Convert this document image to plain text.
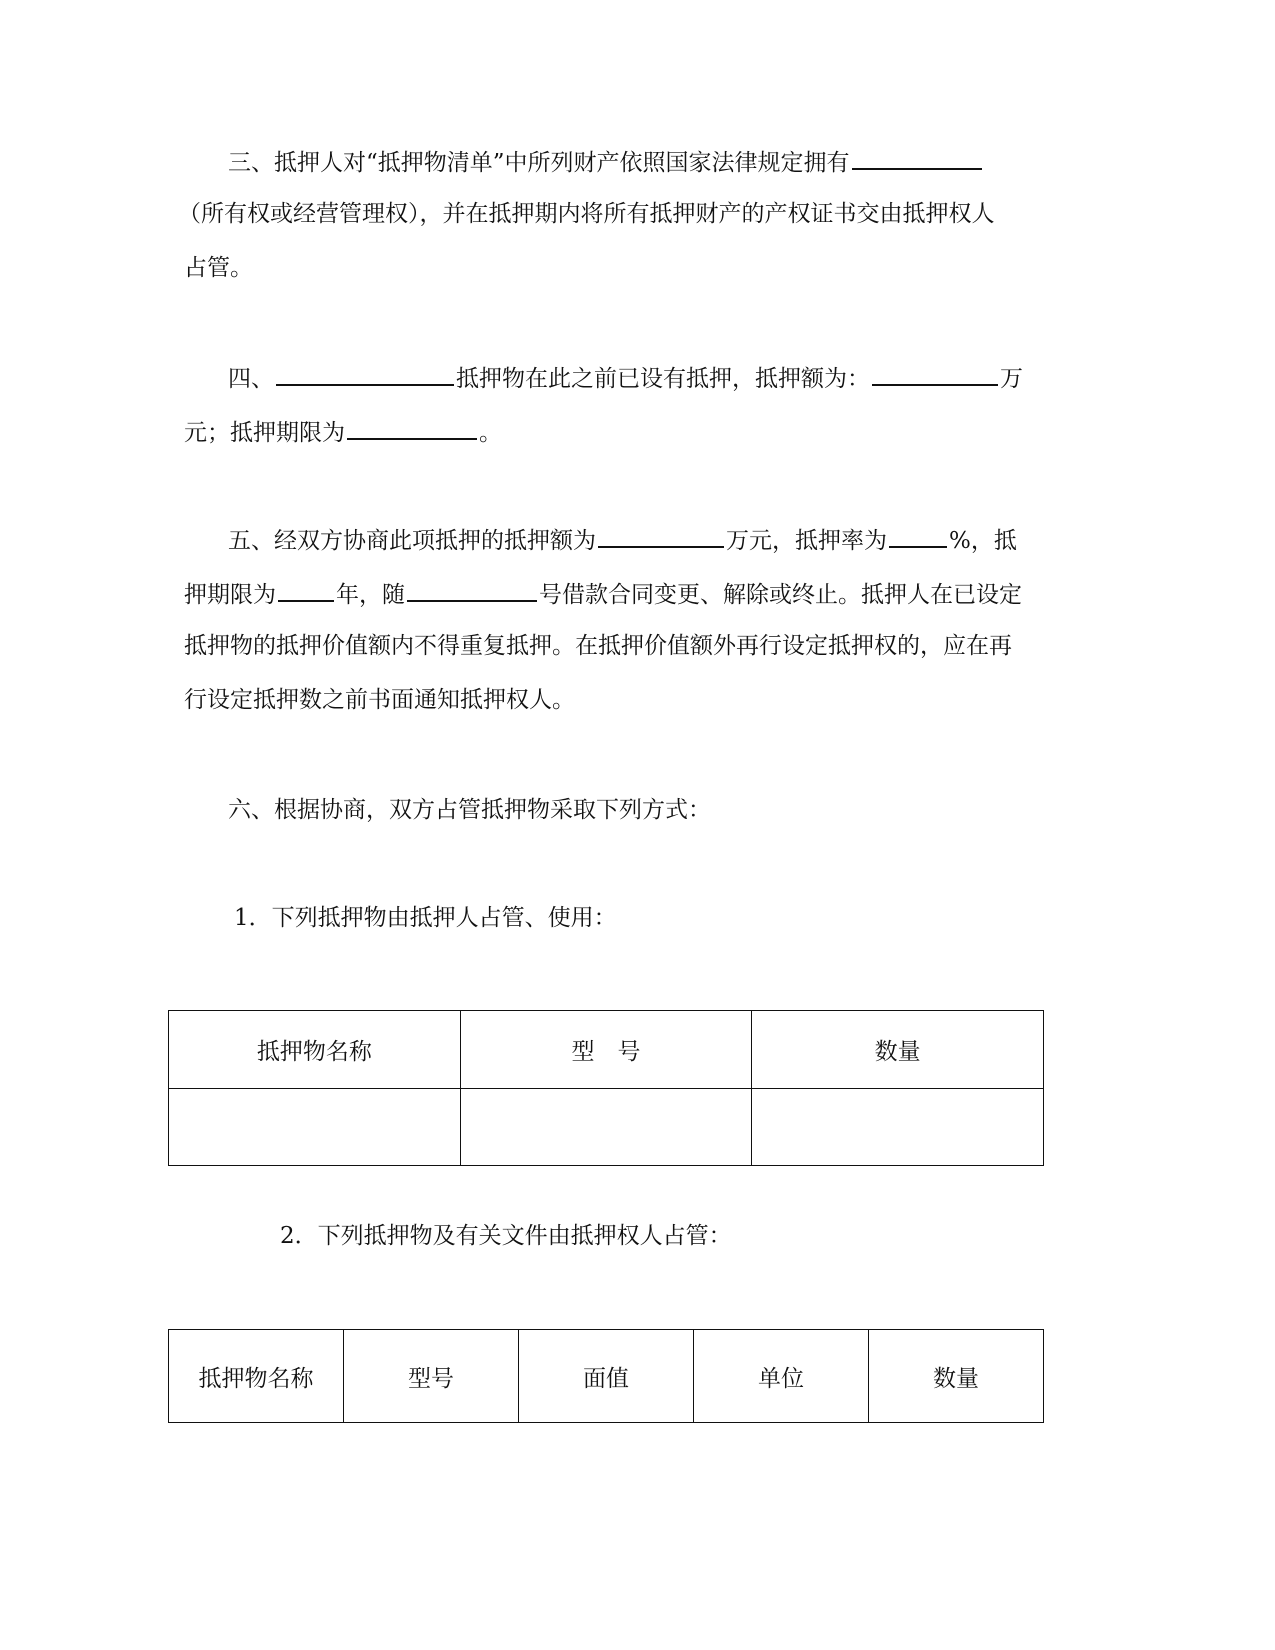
三、抵押人对“抵押物清单”中所列财产依照国家法律规定拥有
（所有权或经营管理权），并在抵押期内将所有抵押财产的产权证书交由抵押权人
占管。
四、	抵押物在此之前已设有抵押，抵押额为：	万
元；抵押期限为	。
五、经双方协商此项抵押的抵押额为	万元，抵押率为	%，抵
押期限为	年，随	号借款合同变更、解除或终止。抵押人在已设定
抵押物的抵押价值额内不得重复抵押。在抵押价值额外再行设定抵押权的，应在再
行设定抵押数之前书面通知抵押权人。
六、根据协商，双方占管抵押物采取下列方式：
1．下列抵押物由抵押人占管、使用：
抵押物名称	型　号	数量

2．下列抵押物及有关文件由抵押权人占管：
抵押物名称	型号	面值	单位	数量
